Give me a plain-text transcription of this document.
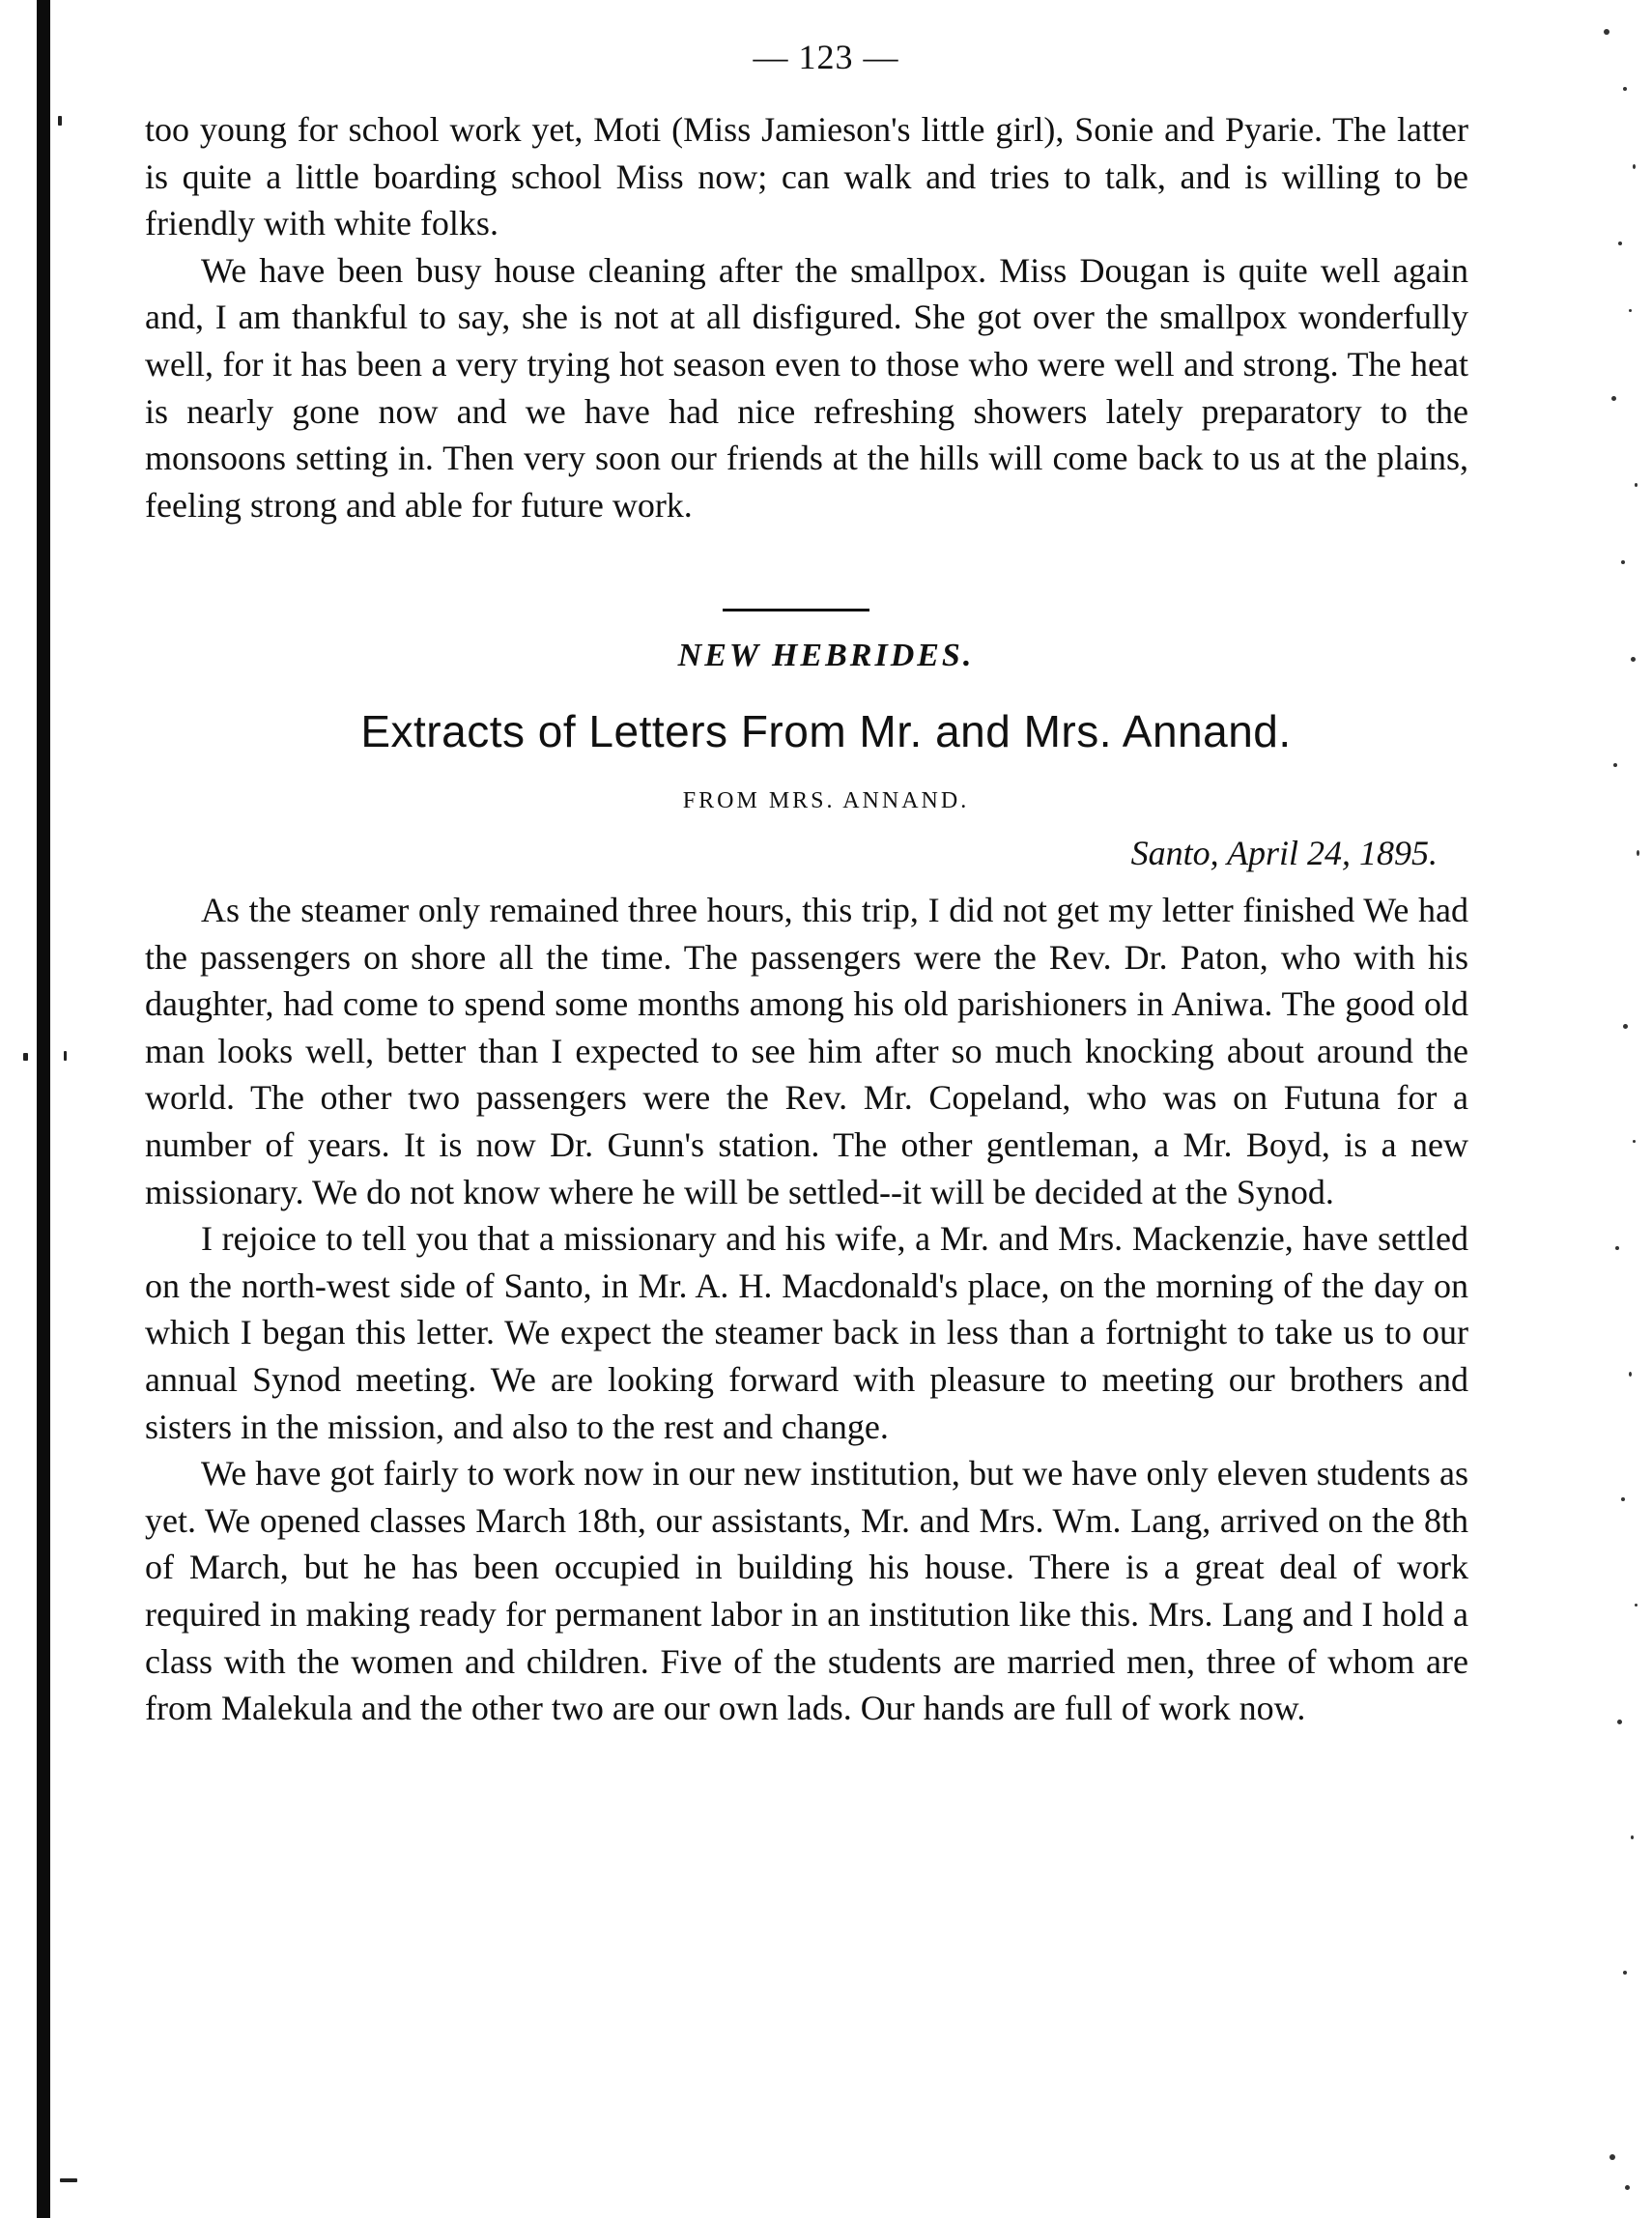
— 123 —

too young for school work yet, Moti (Miss Jamieson's little girl), Sonie and Pyarie. The latter is quite a little boarding school Miss now; can walk and tries to talk, and is willing to be friendly with white folks.

We have been busy house cleaning after the smallpox. Miss Dougan is quite well again and, I am thankful to say, she is not at all disfigured. She got over the smallpox wonderfully well, for it has been a very trying hot season even to those who were well and strong. The heat is nearly gone now and we have had nice refreshing showers lately preparatory to the monsoons setting in. Then very soon our friends at the hills will come back to us at the plains, feeling strong and able for future work.

NEW HEBRIDES.
Extracts of Letters From Mr. and Mrs. Annand.
FROM MRS. ANNAND.
Santo, April 24, 1895.

As the steamer only remained three hours, this trip, I did not get my letter finished We had the passengers on shore all the time. The passengers were the Rev. Dr. Paton, who with his daughter, had come to spend some months among his old parishioners in Aniwa. The good old man looks well, better than I expected to see him after so much knocking about around the world. The other two passengers were the Rev. Mr. Copeland, who was on Futuna for a number of years. It is now Dr. Gunn's station. The other gentleman, a Mr. Boyd, is a new missionary. We do not know where he will be settled--it will be decided at the Synod.

I rejoice to tell you that a missionary and his wife, a Mr. and Mrs. Mackenzie, have settled on the north-west side of Santo, in Mr. A. H. Macdonald's place, on the morning of the day on which I began this letter. We expect the steamer back in less than a fortnight to take us to our annual Synod meeting. We are looking forward with pleasure to meeting our brothers and sisters in the mission, and also to the rest and change.

We have got fairly to work now in our new institution, but we have only eleven students as yet. We opened classes March 18th, our assistants, Mr. and Mrs. Wm. Lang, arrived on the 8th of March, but he has been occupied in building his house. There is a great deal of work required in making ready for permanent labor in an institution like this. Mrs. Lang and I hold a class with the women and children. Five of the students are married men, three of whom are from Malekula and the other two are our own lads. Our hands are full of work now.
